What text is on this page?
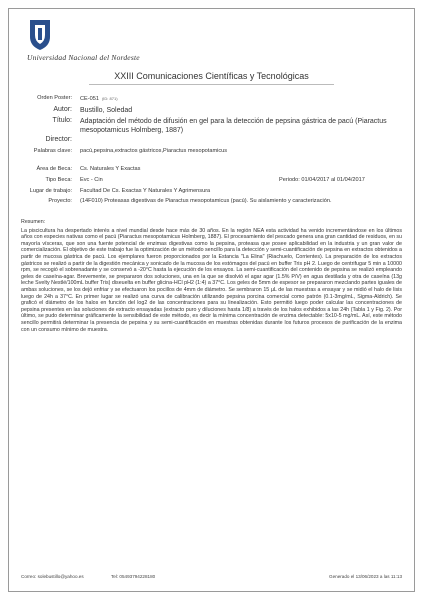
Universidad Nacional del Nordeste
XXIII Comunicaciones Científicas y Tecnológicas
Orden Poster: CE-051 (ID: 871)
Autor: Bustillo, Soledad
Título: Adaptación del método de difusión en gel para la detección de pepsina gástrica de pacú (Piaractus mesopotamicus Holmberg, 1887)
Director:
Palabras clave: pacú,pepsina,extractos gástricos,Piaractus mesopotamicus
Área de Beca: Cs. Naturales Y Exactas
Tipo Beca: Evc - Cin	Periodo: 01/04/2017 al 01/04/2017
Lugar de trabajo: Facultad De Cs. Exactas Y Naturales Y Agrimensura
Proyecto: (14F010) Proteasas digestivas de Piaractus mesopotamicus (pacú). Su aislamiento y caracterización.
Resumen:
La piscicultura ha despertado interés a nivel mundial desde hace más de 30 años. En la región NEA esta actividad ha venido incrementándose en los últimos años con especies nativas como el pacú (Piaractus mesopotamicus Holmberg, 1887). El procesamiento del pescado genera una gran cantidad de residuos, en su mayoría vísceras, que son una fuente potencial de enzimas digestivas como la pepsina, proteasa que posee aplicabilidad en la industria y un gran valor de comercialización. El objetivo de este trabajo fue la optimización de un método sencillo para la detección y semi-cuantificación de pepsina en extractos obtenidos a partir de mucosa gástrica de pacú. Los ejemplares fueron proporcionados por la Estancia "La Elina" (Riachuelo, Corrientes). La preparación de los extractos gástricos se realizó a partir de la digestión mecánica y sonicado de la mucosa de los estómagos del pacú en buffer Tris pH 2. Luego de centrifugar 5 min a 10000 rpm, se recogió el sobrenadante y se conservó a -20°C hasta la ejecución de los ensayos. La semi-cuantificación del contenido de pepsina se realizó empleando geles de caseína-agar. Brevemente, se prepararon dos soluciones, una en la que se disolvió el agar agar (1.5% P/V) en agua destilada y otra de caseína (13g leche Svelty Nestlé/100mL buffer Tris) diseuelta en buffer glicina-HCl pH2 (1:4) a 37°C. Los geles de 5mm de espesor se prepararon mezclando partes iguales de ambas soluciones, se los dejó enfriar y se efectuaron los pocillos de 4mm de diámetro. Se sembraron 15 µL de las muestras a ensayar y se midió el halo de lisis luego de 24h a 37°C. En primer lugar se realizó una curva de calibración utilizando pepsina porcina comercial como patrón (0.1-3mg/mL, Sigma-Aldrich). Se graficó el diámetro de los halos en función del log2 de las concentraciones para su linealización. Esto permitió luego poder calcular las concentraciones de pepsina presentes en las soluciones de extracto ensayadas (extracto puro y diluciones hasta 1/8) a través de los halos exhibidos a las 24h (Tabla 1 y Fig. 2). Por último, se pudo determinar gráficamente la sensibilidad de este método, es decir la mínima concentración de enzima detectable: 5x10-5 mg/mL. Así, este método sencillo permitirá determinar la presencia de pepsina y su semi-cuantificación en muestras obtenidas durante los futuros procesos de purificación de la enzima con un consumo mínimo de muestra.
Correo: solebustillo@yahoo.es	Tel: 05493794228180	Generado el 13/06/2023 a las 11:13
